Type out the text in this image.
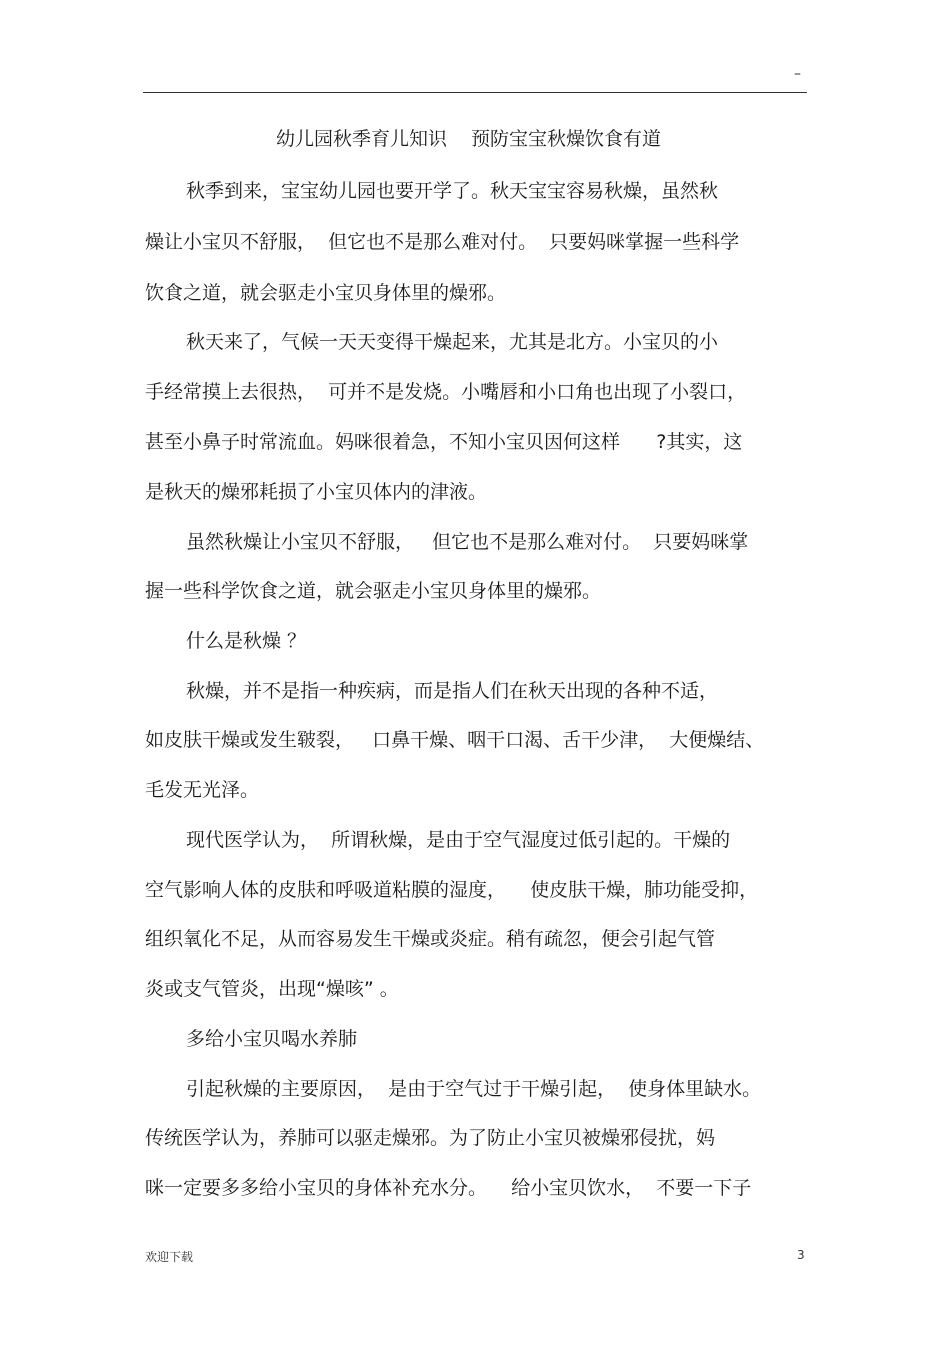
–
幼儿园秋季育儿知识 预防宝宝秋燥饮食有道
秋季到来，宝宝幼儿园也要开学了。秋天宝宝容易秋燥，虽然秋
燥让小宝贝不舒服，  但它也不是那么难对付。  只要妈咪掌握一些科学
饮食之道，就会驱走小宝贝身体里的燥邪。
秋天来了，气候一天天变得干燥起来，尤其是北方。小宝贝的小
手经常摸上去很热，  可并不是发烧。小嘴唇和小口角也出现了小裂口，
甚至小鼻子时常流血。妈咪很着急，不知小宝贝因何这样      ?其实，这
是秋天的燥邪耗损了小宝贝体内的津液。
虽然秋燥让小宝贝不舒服，   但它也不是那么难对付。  只要妈咪掌
握一些科学饮食之道，就会驱走小宝贝身体里的燥邪。
什么是秋燥 ？
秋燥，并不是指一种疾病，而是指人们在秋天出现的各种不适，
如皮肤干燥或发生皲裂，   口鼻干燥、咽干口渴、舌干少津，  大便燥结、
毛发无光泽。
现代医学认为，  所谓秋燥，是由于空气湿度过低引起的。干燥的
空气影响人体的皮肤和呼吸道粘膜的湿度，    使皮肤干燥，肺功能受抑，
组织氧化不足，从而容易发生干燥或炎症。稍有疏忽，便会引起气管
炎或支气管炎，出现“燥咳” 。
多给小宝贝喝水养肺
引起秋燥的主要原因，  是由于空气过于干燥引起，  使身体里缺水。
传统医学认为，养肺可以驱走燥邪。为了防止小宝贝被燥邪侵扰，妈
咪一定要多多给小宝贝的身体补充水分。    给小宝贝饮水，  不要一下子
欢迎下载	3
